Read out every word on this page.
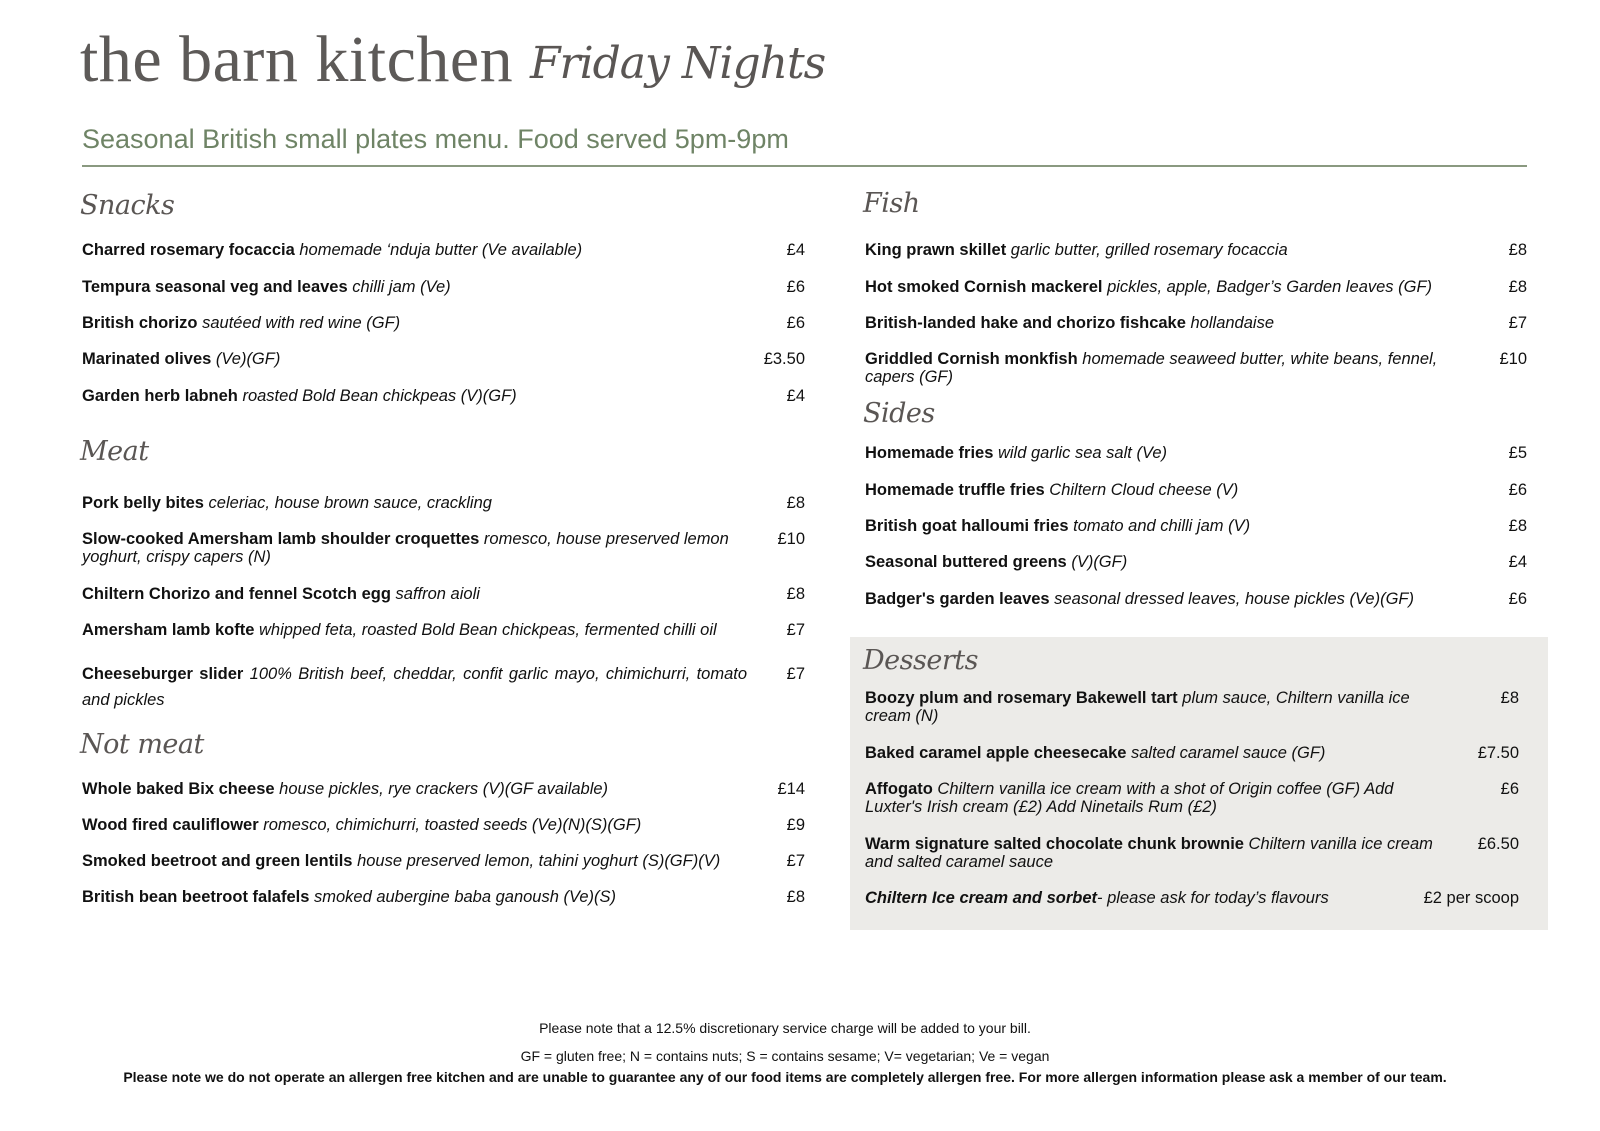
the barn kitchen Friday Nights
Seasonal British small plates menu. Food served 5pm-9pm
Snacks
Charred rosemary focaccia homemade ‘nduja butter (Ve available)	£4
Tempura seasonal veg and leaves chilli jam (Ve)	£6
British chorizo sautéed with red wine (GF)	£6
Marinated olives (Ve)(GF)	£3.50
Garden herb labneh roasted Bold Bean chickpeas (V)(GF)	£4
Meat
Pork belly bites celeriac, house brown sauce, crackling	£8
Slow-cooked Amersham lamb shoulder croquettes romesco, house preserved lemon yoghurt, crispy capers (N)
£10
Chiltern Chorizo and fennel Scotch egg saffron aioli	£8
Amersham lamb kofte whipped feta, roasted Bold Bean chickpeas, fermented chilli oil	£7
Cheeseburger slider 100% British beef, cheddar, confit garlic mayo, chimichurri, tomato and pickles
£7
Not meat
Whole baked Bix cheese house pickles, rye crackers (V)(GF available)	£14
Wood fired cauliflower romesco, chimichurri, toasted seeds (Ve)(N)(S)(GF)	£9
Smoked beetroot and green lentils house preserved lemon, tahini yoghurt (S)(GF)(V)	£7
British bean beetroot falafels smoked aubergine baba ganoush (Ve)(S)	£8
Fish
King prawn skillet garlic butter, grilled rosemary focaccia	£8
Hot smoked Cornish mackerel pickles, apple, Badger’s Garden leaves (GF)	£8
British-landed hake and chorizo fishcake hollandaise	£7
Griddled Cornish monkfish homemade seaweed butter, white beans, fennel, capers (GF)
£10
Sides
Homemade fries wild garlic sea salt (Ve)	£5
Homemade truffle fries Chiltern Cloud cheese (V)	£6
British goat halloumi fries tomato and chilli jam (V)	£8
Seasonal buttered greens (V)(GF)	£4
Badger's garden leaves seasonal dressed leaves, house pickles (Ve)(GF)	£6
Desserts
Boozy plum and rosemary Bakewell tart plum sauce, Chiltern vanilla ice cream (N)
£8
Baked caramel apple cheesecake salted caramel sauce (GF)	£7.50
Affogato Chiltern vanilla ice cream with a shot of Origin coffee (GF) Add Luxter's Irish cream (£2) Add Ninetails Rum (£2)
£6
Warm signature salted chocolate chunk brownie Chiltern vanilla ice cream and salted caramel sauce
£6.50
Chiltern Ice cream and sorbet- please ask for today’s flavours	£2 per scoop
Please note that a 12.5% discretionary service charge will be added to your bill.
GF = gluten free; N = contains nuts; S = contains sesame; V= vegetarian; Ve = vegan
Please note we do not operate an allergen free kitchen and are unable to guarantee any of our food items are completely allergen free. For more allergen information please ask a member of our team.
